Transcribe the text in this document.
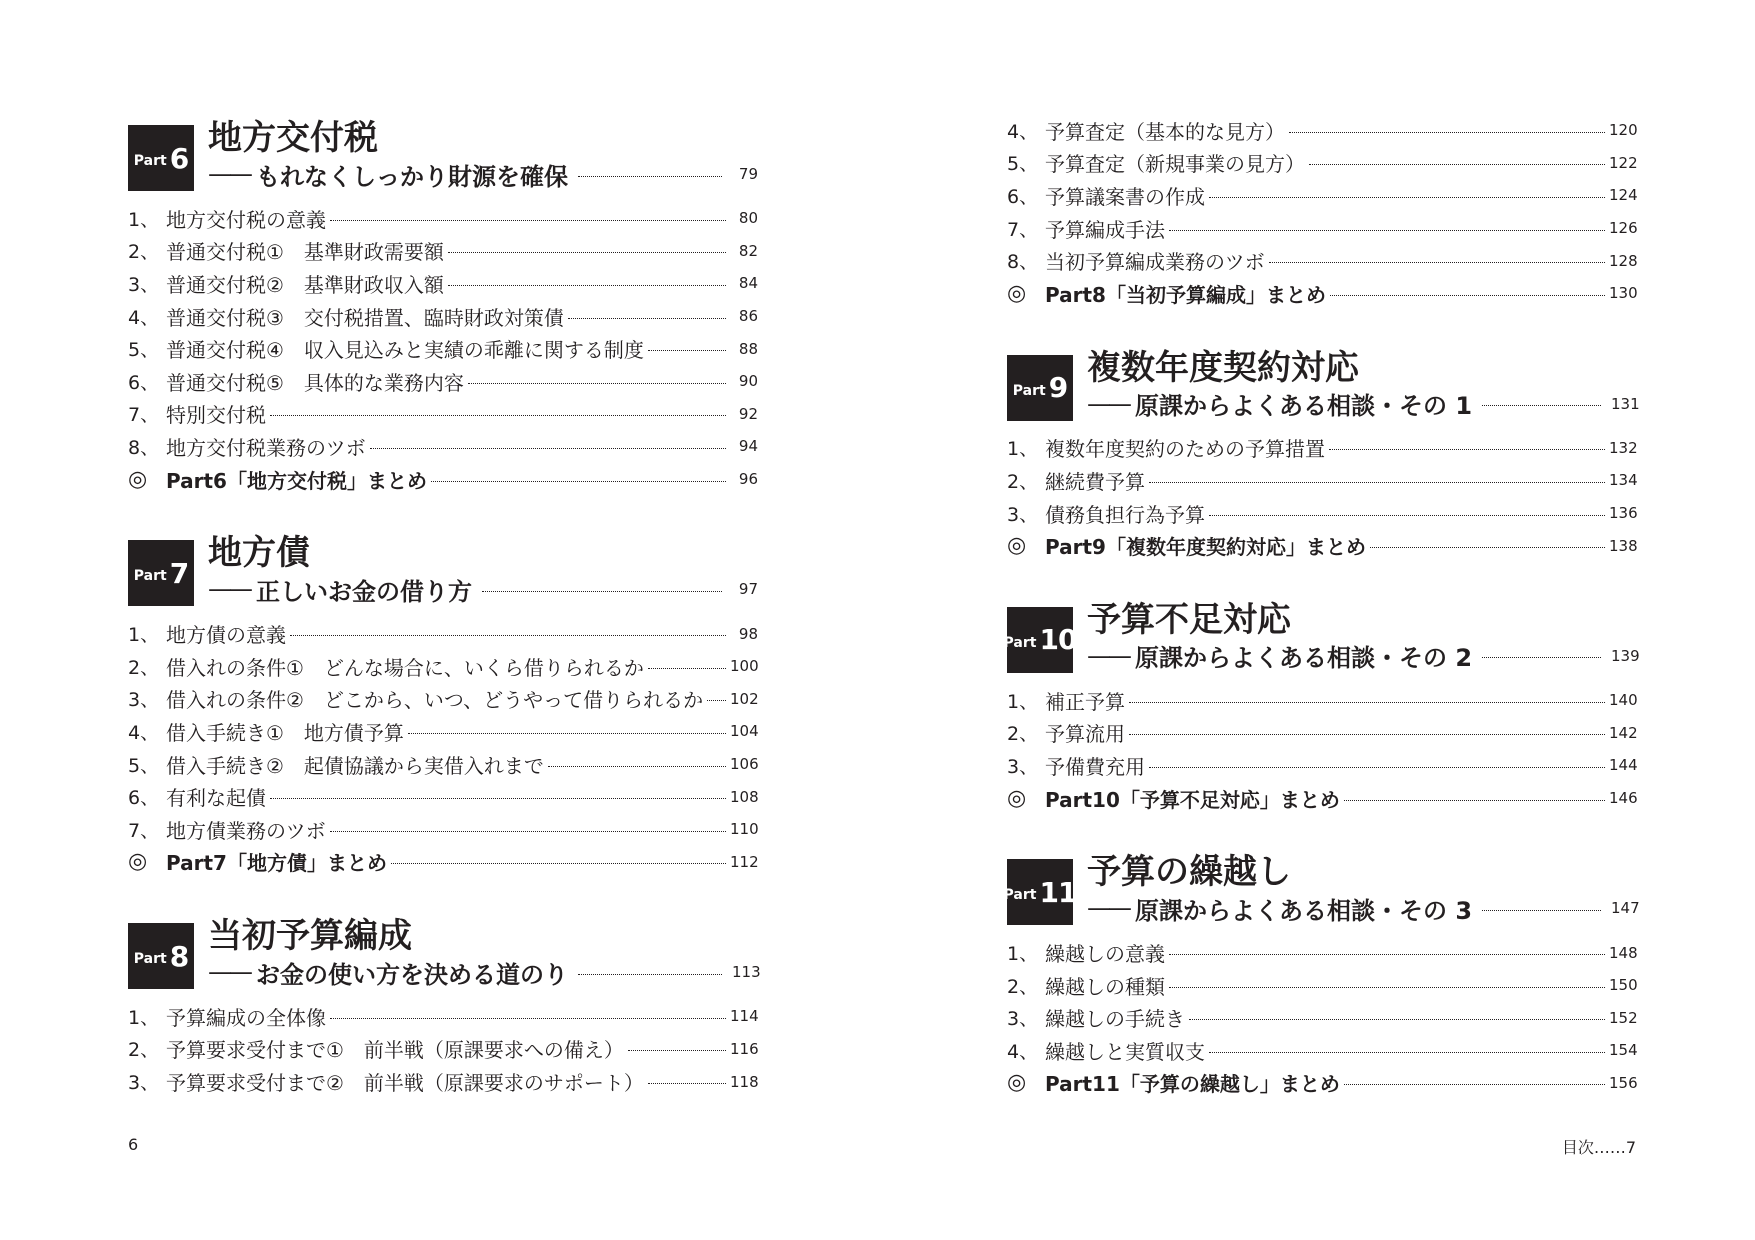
Part 6 地方交付税
—— もれなくしっかり財源を確保	79
1、 地方交付税の意義	80
2、 普通交付税①　基準財政需要額	82
3、 普通交付税②　基準財政収入額	84
4、 普通交付税③　交付税措置、臨時財政対策債	86
5、 普通交付税④　収入見込みと実績の乖離に関する制度	88
6、 普通交付税⑤　具体的な業務内容	90
7、 特別交付税	92
8、 地方交付税業務のツボ	94
◎ Part6「地方交付税」まとめ	96
Part 7 地方債
—— 正しいお金の借り方	97
1、 地方債の意義	98
2、 借入れの条件①　どんな場合に、いくら借りられるか	100
3、 借入れの条件②　どこから、いつ、どうやって借りられるか 102
4、 借入手続き①　地方債予算	104
5、 借入手続き②　起債協議から実借入れまで	106
6、 有利な起債	108
7、 地方債業務のツボ	110
◎ Part7「地方債」まとめ	112
Part 8 当初予算編成
—— お金の使い方を決める道のり	113
1、 予算編成の全体像	114
2、 予算要求受付まで①　前半戦（原課要求への備え）	116
3、 予算要求受付まで②　前半戦（原課要求のサポート）	118
4、 予算査定（基本的な見方）	120
5、 予算査定（新規事業の見方）	122
6、 予算議案書の作成	124
7、 予算編成手法	126
8、 当初予算編成業務のツボ	128
◎ Part8「当初予算編成」まとめ	130
Part 9 複数年度契約対応
—— 原課からよくある相談・その 1	131
1、 複数年度契約のための予算措置	132
2、 継続費予算	134
3、 債務負担行為予算	136
◎ Part9「複数年度契約対応」まとめ	138
Part 10 予算不足対応
—— 原課からよくある相談・その 2	139
1、 補正予算	140
2、 予算流用	142
3、 予備費充用	144
◎ Part10「予算不足対応」まとめ	146
Part 11 予算の繰越し
—— 原課からよくある相談・その 3	147
1、 繰越しの意義	148
2、 繰越しの種類	150
3、 繰越しの手続き	152
4、 繰越しと実質収支	154
◎ Part11「予算の繰越し」まとめ	156
6	目次……7
